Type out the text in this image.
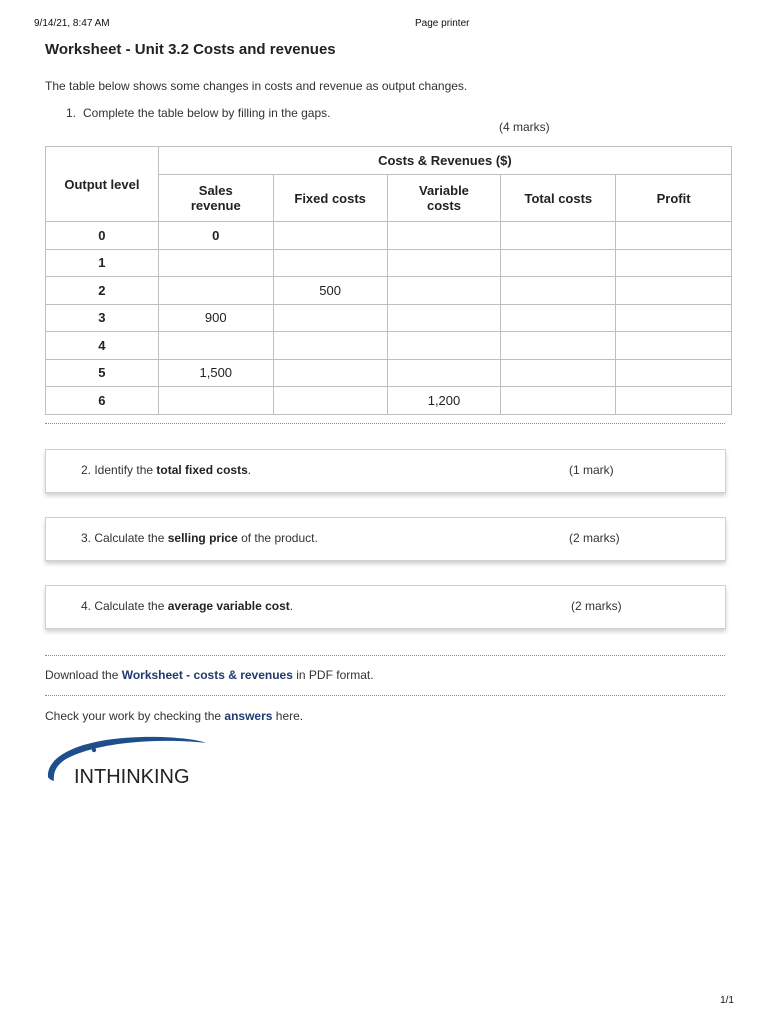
9/14/21, 8:47 AM	Page printer
Worksheet - Unit 3.2 Costs and revenues
The table below shows some changes in costs and revenue as output changes.
1. Complete the table below by filling in the gaps.
(4 marks)
Output level	Costs & Revenues ($)				
	Sales revenue	Fixed costs	Variable costs	Total costs	Profit
0	0				
1					
2		500			
3	900				
4					
5	1,500				
6			1,200		
2. Identify the total fixed costs.	(1 mark)
3. Calculate the selling price of the product.	(2 marks)
4. Calculate the average variable cost.	(2 marks)
Download the Worksheet - costs & revenues in PDF format.
Check your work by checking the answers here.
INTHINKING
1/1
